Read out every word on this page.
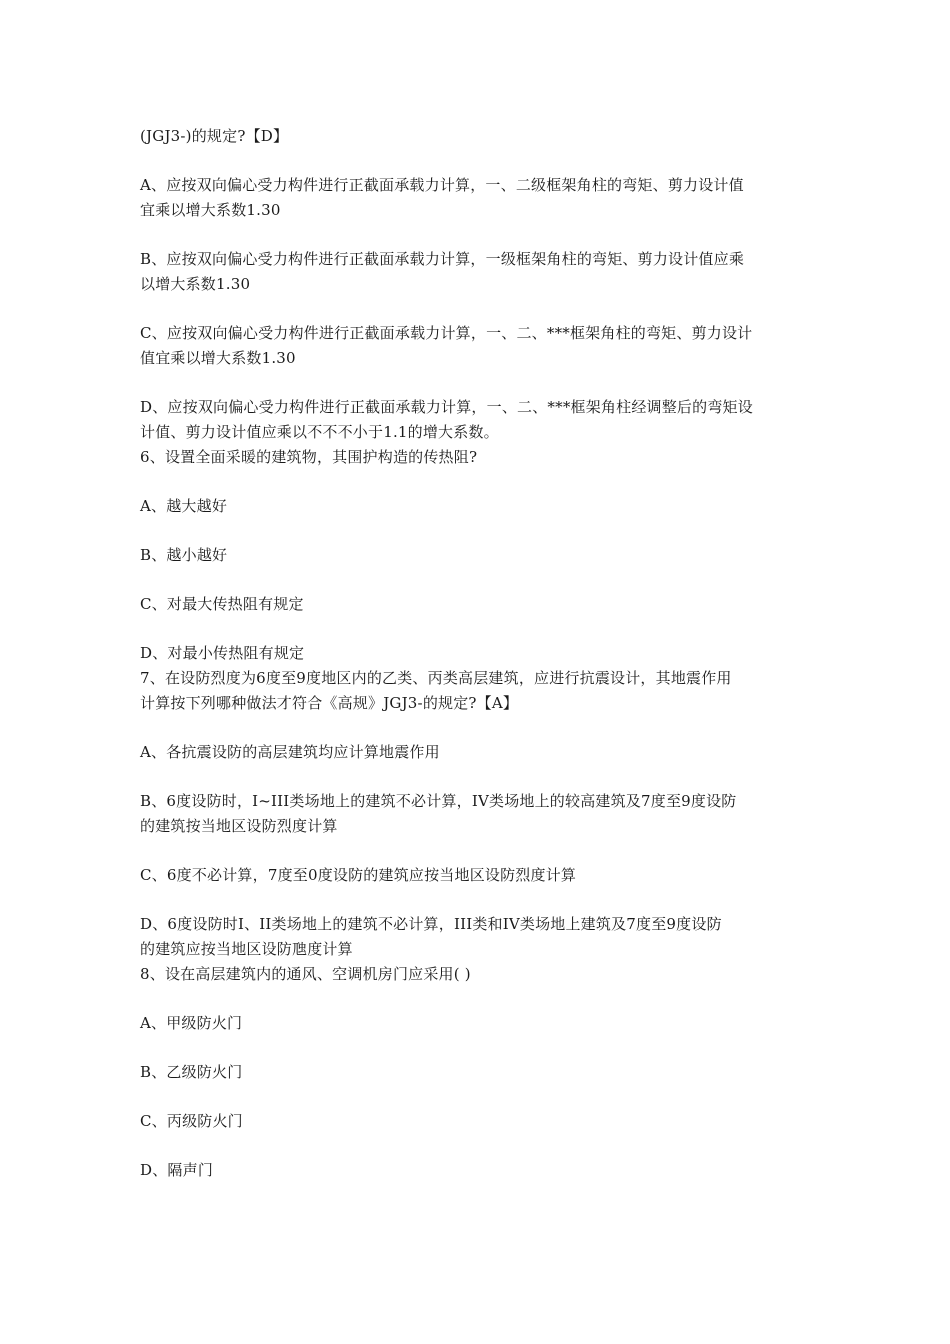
(JGJ3-)的规定?【D】
A、应按双向偏心受力构件进行正截面承载力计算，一、二级框架角柱的弯矩、剪力设计值
宜乘以增大系数1.30
B、应按双向偏心受力构件进行正截面承载力计算，一级框架角柱的弯矩、剪力设计值应乘
以增大系数1.30
C、应按双向偏心受力构件进行正截面承载力计算，一、二、***框架角柱的弯矩、剪力设计
值宜乘以增大系数1.30
D、应按双向偏心受力构件进行正截面承载力计算，一、二、***框架角柱经调整后的弯矩设
计值、剪力设计值应乘以不不不小于1.1的增大系数。
6、设置全面采暖的建筑物，其围护构造的传热阻?
A、越大越好
B、越小越好
C、对最大传热阻有规定
D、对最小传热阻有规定
7、在设防烈度为6度至9度地区内的乙类、丙类高层建筑，应进行抗震设计，其地震作用
计算按下列哪种做法才符合《高规》JGJ3-的规定?【A】
A、各抗震设防的高层建筑均应计算地震作用
B、6度设防时，I~III类场地上的建筑不必计算，IV类场地上的较高建筑及7度至9度设防
的建筑按当地区设防烈度计算
C、6度不必计算，7度至0度设防的建筑应按当地区设防烈度计算
D、6度设防时I、II类场地上的建筑不必计算，III类和IV类场地上建筑及7度至9度设防
的建筑应按当地区设防虺度计算
8、设在高层建筑内的通风、空调机房门应采用( )
A、甲级防火门
B、乙级防火门
C、丙级防火门
D、隔声门
